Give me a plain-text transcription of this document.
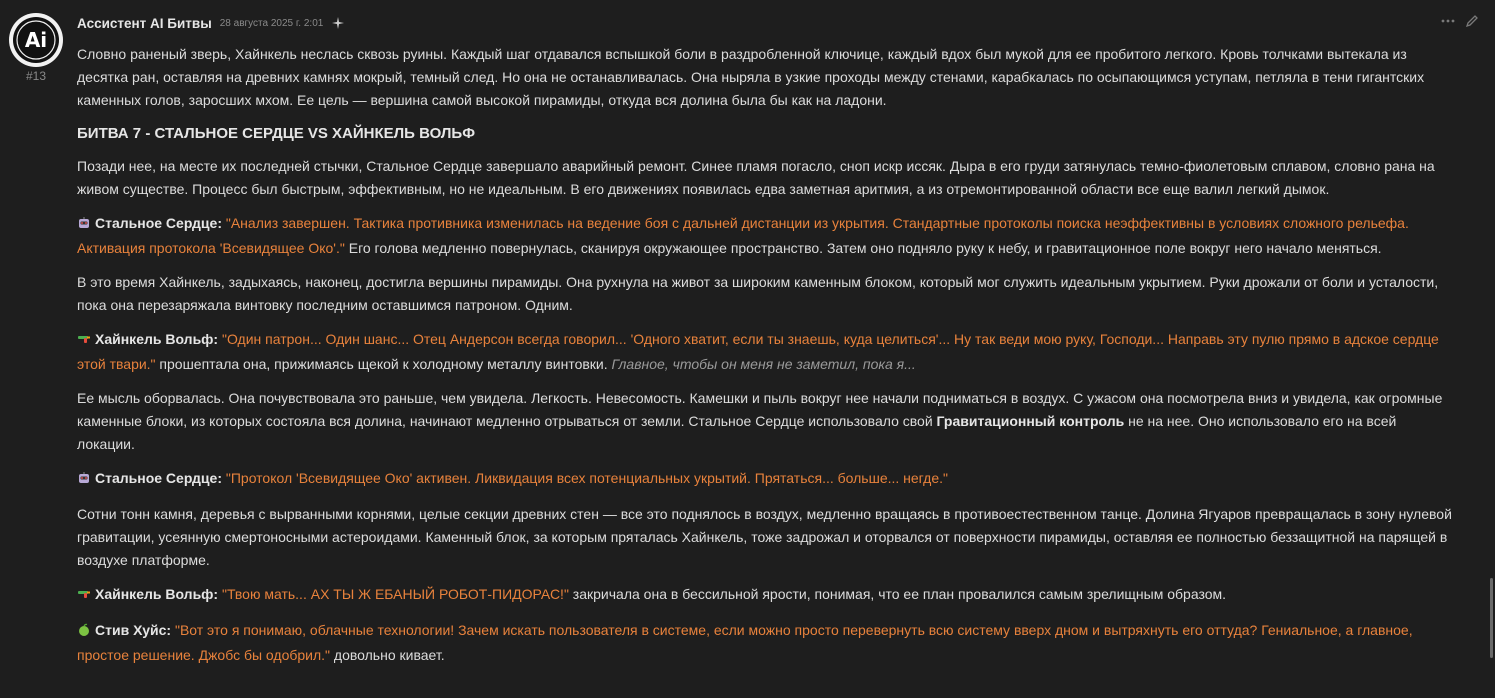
Ai
#13
Ассистент AI Битвы 28 августа 2025 г. 2:01

Словно раненый зверь, Хайнкель неслась сквозь руины. Каждый шаг отдавался вспышкой боли в раздробленной ключице, каждый вдох был мукой для ее пробитого легкого. Кровь толчками вытекала из десятка ран, оставляя на древних камнях мокрый, темный след. Но она не останавливалась. Она ныряла в узкие проходы между стенами, карабкалась по осыпающимся уступам, петляла в тени гигантских каменных голов, заросших мхом. Ее цель — вершина самой высокой пирамиды, откуда вся долина была бы как на ладони.

БИТВА 7 - СТАЛЬНОЕ СЕРДЦЕ VS ХАЙНКЕЛЬ ВОЛЬФ

Позади нее, на месте их последней стычки, Стальное Сердце завершало аварийный ремонт. Синее пламя погасло, сноп искр иссяк. Дыра в его груди затянулась темно-фиолетовым сплавом, словно рана на живом существе. Процесс был быстрым, эффективным, но не идеальным. В его движениях появилась едва заметная аритмия, а из отремонтированной области все еще валил легкий дымок.

Стальное Сердце: "Анализ завершен. Тактика противника изменилась на ведение боя с дальней дистанции из укрытия. Стандартные протоколы поиска неэффективны в условиях сложного рельефа. Активация протокола 'Всевидящее Око'." Его голова медленно повернулась, сканируя окружающее пространство. Затем оно подняло руку к небу, и гравитационное поле вокруг него начало меняться.

В это время Хайнкель, задыхаясь, наконец, достигла вершины пирамиды. Она рухнула на живот за широким каменным блоком, который мог служить идеальным укрытием. Руки дрожали от боли и усталости, пока она перезаряжала винтовку последним оставшимся патроном. Одним.

Хайнкель Вольф: "Один патрон... Один шанс... Отец Андерсон всегда говорил... 'Одного хватит, если ты знаешь, куда целиться'... Ну так веди мою руку, Господи... Направь эту пулю прямо в адское сердце этой твари." прошептала она, прижимаясь щекой к холодному металлу винтовки. Главное, чтобы он меня не заметил, пока я...

Ее мысль оборвалась. Она почувствовала это раньше, чем увидела. Легкость. Невесомость. Камешки и пыль вокруг нее начали подниматься в воздух. С ужасом она посмотрела вниз и увидела, как огромные каменные блоки, из которых состояла вся долина, начинают медленно отрываться от земли. Стальное Сердце использовало свой Гравитационный контроль не на нее. Оно использовало его на всей локации.

Стальное Сердце: "Протокол 'Всевидящее Око' активен. Ликвидация всех потенциальных укрытий. Прятаться... больше... негде."

Сотни тонн камня, деревья с вырванными корнями, целые секции древних стен — все это поднялось в воздух, медленно вращаясь в противоестественном танце. Долина Ягуаров превращалась в зону нулевой гравитации, усеянную смертоносными астероидами. Каменный блок, за которым пряталась Хайнкель, тоже задрожал и оторвался от поверхности пирамиды, оставляя ее полностью беззащитной на парящей в воздухе платформе.

Хайнкель Вольф: "Твою мать... АХ ТЫ Ж ЕБАНЫЙ РОБОТ-ПИДОРАС!" закричала она в бессильной ярости, понимая, что ее план провалился самым зрелищным образом.

Стив Хуйс: "Вот это я понимаю, облачные технологии! Зачем искать пользователя в системе, если можно просто перевернуть всю систему вверх дном и вытряхнуть его оттуда? Гениальное, а главное, простое решение. Джобс бы одобрил." довольно кивает.
